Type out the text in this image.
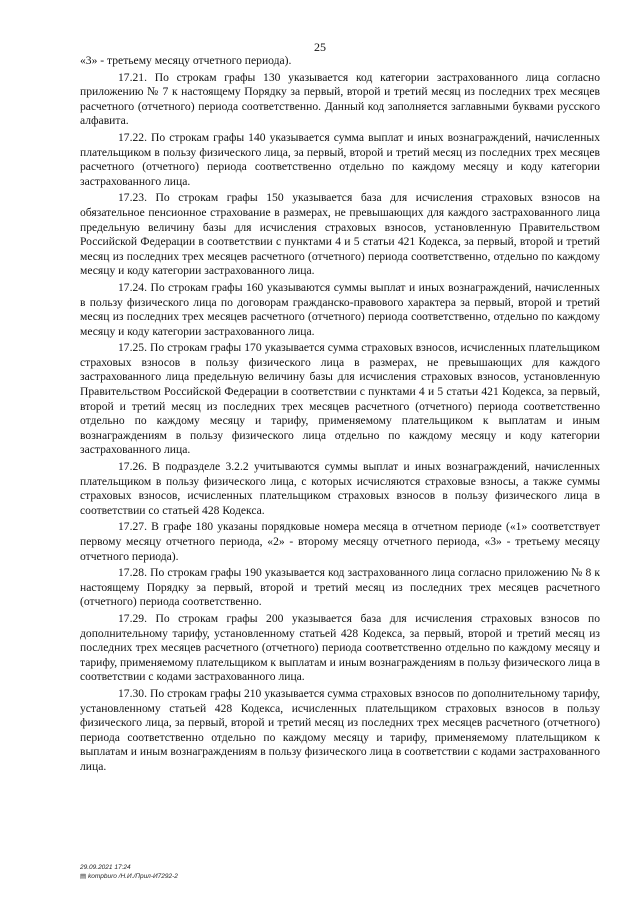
25

«3» - третьему месяцу отчетного периода).

17.21. По строкам графы 130 указывается код категории застрахованного лица согласно приложению № 7 к настоящему Порядку за первый, второй и третий месяц из последних трех месяцев расчетного (отчетного) периода соответственно. Данный код заполняется заглавными буквами русского алфавита.

17.22. По строкам графы 140 указывается сумма выплат и иных вознаграждений, начисленных плательщиком в пользу физического лица, за первый, второй и третий месяц из последних трех месяцев расчетного (отчетного) периода соответственно отдельно по каждому месяцу и коду категории застрахованного лица.

17.23. По строкам графы 150 указывается база для исчисления страховых взносов на обязательное пенсионное страхование в размерах, не превышающих для каждого застрахованного лица предельную величину базы для исчисления страховых взносов, установленную Правительством Российской Федерации в соответствии с пунктами 4 и 5 статьи 421 Кодекса, за первый, второй и третий месяц из последних трех месяцев расчетного (отчетного) периода соответственно, отдельно по каждому месяцу и коду категории застрахованного лица.

17.24. По строкам графы 160 указываются суммы выплат и иных вознаграждений, начисленных в пользу физического лица по договорам гражданско-правового характера за первый, второй и третий месяц из последних трех месяцев расчетного (отчетного) периода соответственно, отдельно по каждому месяцу и коду категории застрахованного лица.

17.25. По строкам графы 170 указывается сумма страховых взносов, исчисленных плательщиком страховых взносов в пользу физического лица в размерах, не превышающих для каждого застрахованного лица предельную величину базы для исчисления страховых взносов, установленную Правительством Российской Федерации в соответствии с пунктами 4 и 5 статьи 421 Кодекса, за первый, второй и третий месяц из последних трех месяцев расчетного (отчетного) периода соответственно отдельно по каждому месяцу и тарифу, применяемому плательщиком к выплатам и иным вознаграждениям в пользу физического лица отдельно по каждому месяцу и коду категории застрахованного лица.

17.26. В подразделе 3.2.2 учитываются суммы выплат и иных вознаграждений, начисленных плательщиком в пользу физического лица, с которых исчисляются страховые взносы, а также суммы страховых взносов, исчисленных плательщиком страховых взносов в пользу физического лица в соответствии со статьей 428 Кодекса.

17.27. В графе 180 указаны порядковые номера месяца в отчетном периоде («1» соответствует первому месяцу отчетного периода, «2» - второму месяцу отчетного периода, «3» - третьему месяцу отчетного периода).

17.28. По строкам графы 190 указывается код застрахованного лица согласно приложению № 8 к настоящему Порядку за первый, второй и третий месяц из последних трех месяцев расчетного (отчетного) периода соответственно.

17.29. По строкам графы 200 указывается база для исчисления страховых взносов по дополнительному тарифу, установленному статьей 428 Кодекса, за первый, второй и третий месяц из последних трех месяцев расчетного (отчетного) периода соответственно отдельно по каждому месяцу и тарифу, применяемому плательщиком к выплатам и иным вознаграждениям в пользу физического лица в соответствии с кодами застрахованного лица.

17.30. По строкам графы 210 указывается сумма страховых взносов по дополнительному тарифу, установленному статьей 428 Кодекса, исчисленных плательщиком страховых взносов в пользу физического лица, за первый, второй и третий месяц из последних трех месяцев расчетного (отчетного) периода соответственно отдельно по каждому месяцу и тарифу, применяемому плательщиком к выплатам и иным вознаграждениям в пользу физического лица в соответствии с кодами застрахованного лица.

29.09.2021 17:24
▤ kompburo /Н.И./Прил-И7292-2
